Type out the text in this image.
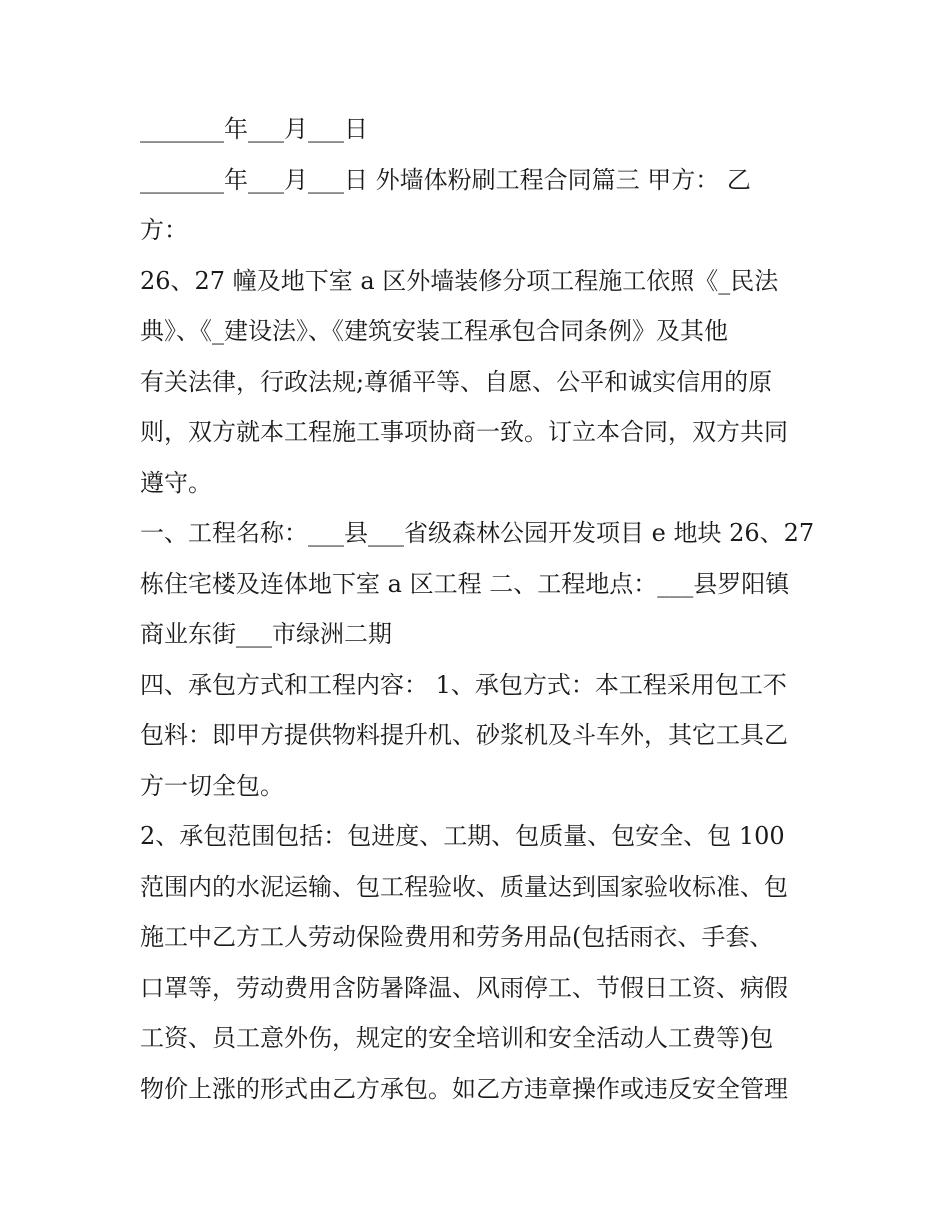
_______年___月___日
_______年___月___日 外墙体粉刷工程合同篇三 甲方： 乙
方：
26、27 幢及地下室 a 区外墙装修分项工程施工依照《_民法
典》、《_建设法》、《建筑安装工程承包合同条例》及其他
有关法律，行政法规;尊循平等、自愿、公平和诚实信用的原
则，双方就本工程施工事项协商一致。订立本合同，双方共同
遵守。
一、工程名称：___县___省级森林公园开发项目 e 地块 26、27
栋住宅楼及连体地下室 a 区工程 二、工程地点：___县罗阳镇
商业东街___市绿洲二期
四、承包方式和工程内容： 1、承包方式：本工程采用包工不
包料：即甲方提供物料提升机、砂浆机及斗车外，其它工具乙
方一切全包。
2、承包范围包括：包进度、工期、包质量、包安全、包 100
范围内的水泥运输、包工程验收、质量达到国家验收标准、包
施工中乙方工人劳动保险费用和劳务用品(包括雨衣、手套、
口罩等，劳动费用含防暑降温、风雨停工、节假日工资、病假
工资、员工意外伤，规定的安全培训和安全活动人工费等)包
物价上涨的形式由乙方承包。如乙方违章操作或违反安全管理
